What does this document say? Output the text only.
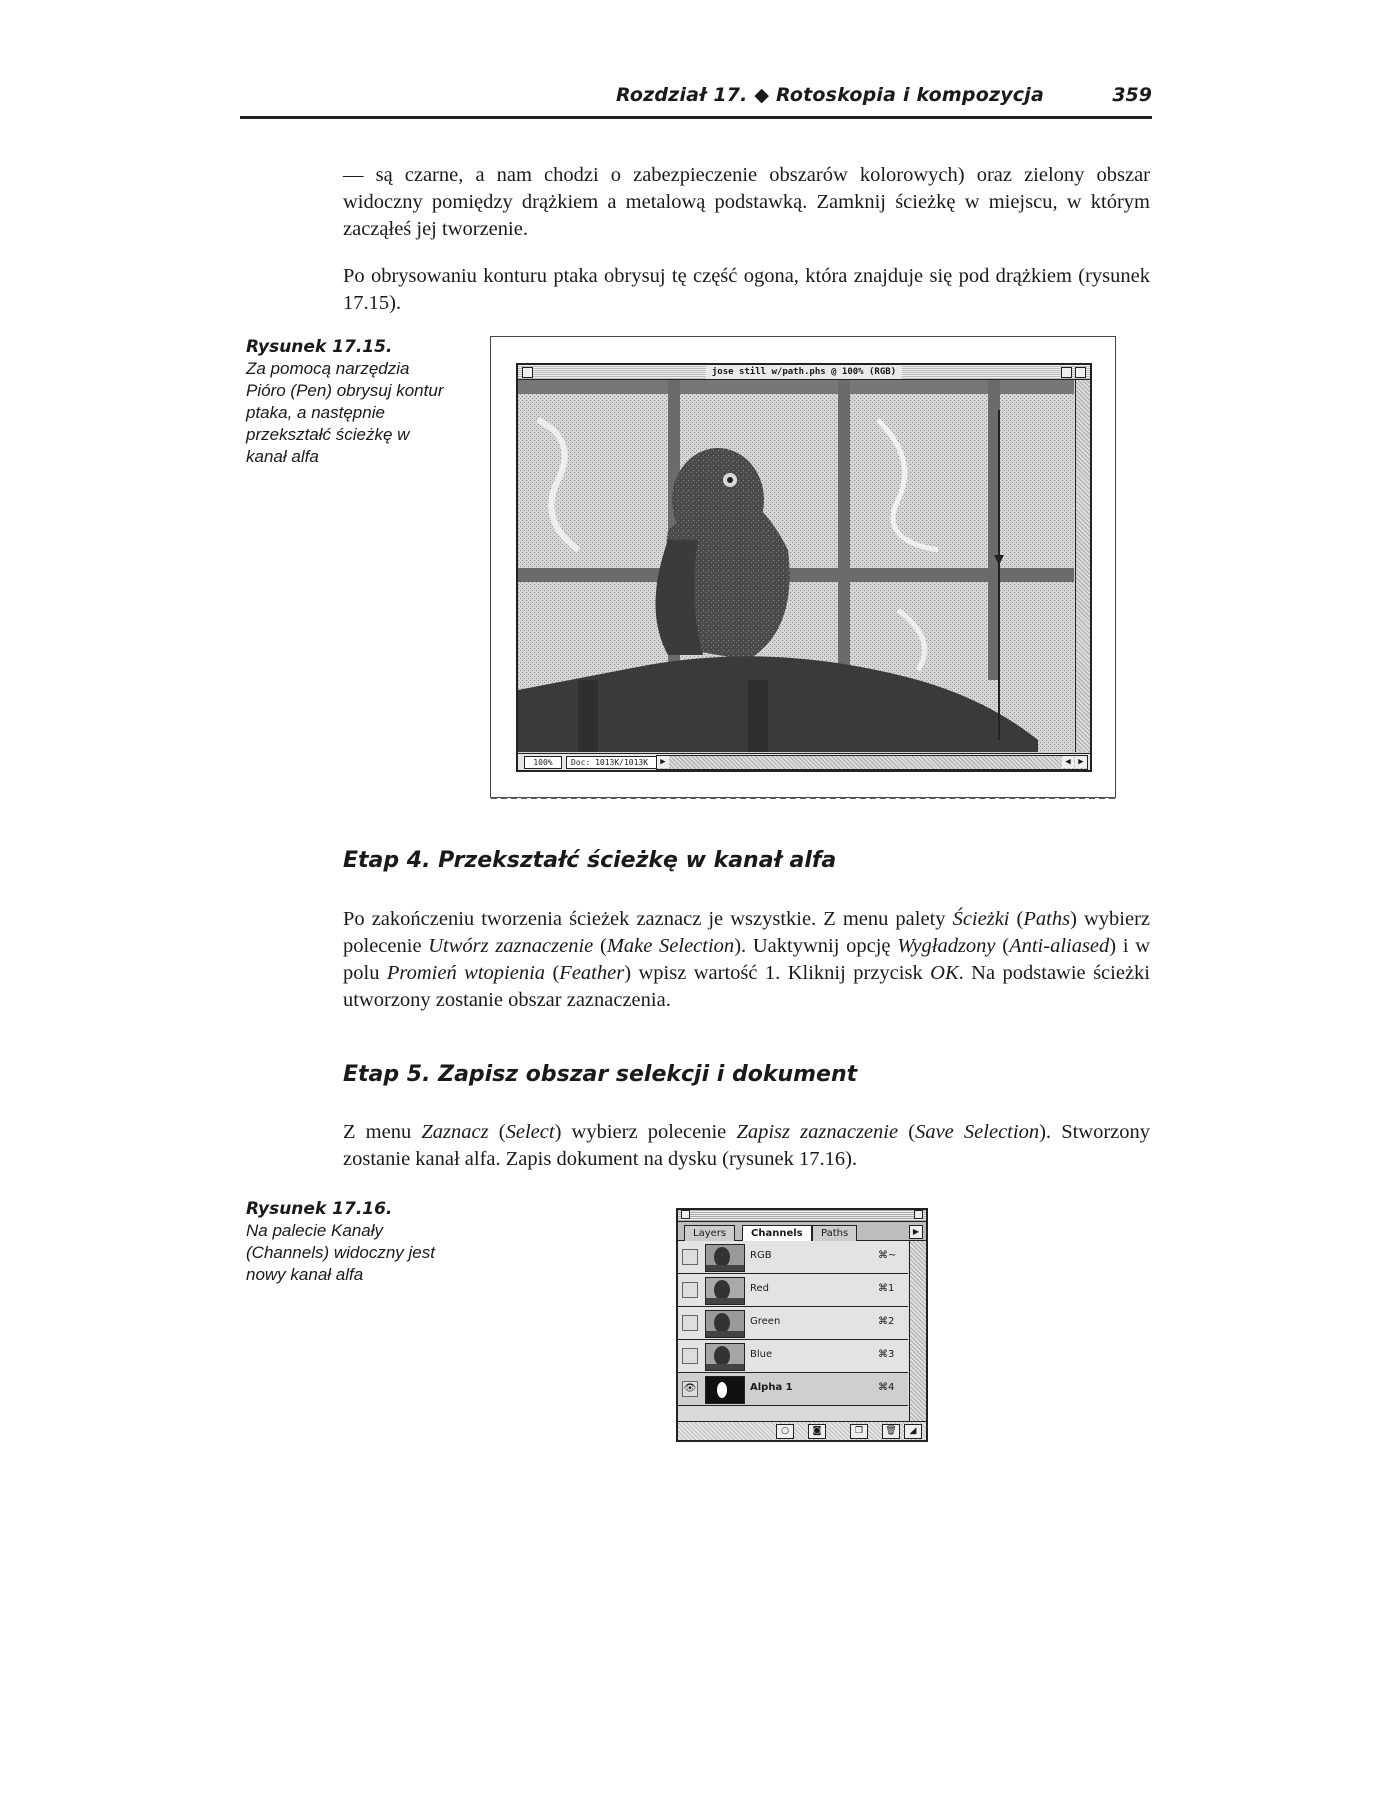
Rozdział 17. ◆ Rotoskopia i kompozycja	359
— są czarne, a nam chodzi o zabezpieczenie obszarów kolorowych) oraz zielony obszar widoczny pomiędzy drążkiem a metalową podstawką. Zamknij ścieżkę w miejscu, w którym zacząłeś jej tworzenie.
Po obrysowaniu konturu ptaka obrysuj tę część ogona, która znajduje się pod drążkiem (rysunek 17.15).
Rysunek 17.15.
Za pomocą narzędzia Pióro (Pen) obrysuj kontur ptaka, a następnie przekształć ścieżkę w kanał alfa
jose still w/path.phs @ 100% (RGB)
100%	Doc: 1013K/1013K	▶	◀ ▶
Etap 4. Przekształć ścieżkę w kanał alfa
Po zakończeniu tworzenia ścieżek zaznacz je wszystkie. Z menu palety Ścieżki (Paths) wybierz polecenie Utwórz zaznaczenie (Make Selection). Uaktywnij opcję Wygładzony (Anti-aliased) i w polu Promień wtopienia (Feather) wpisz wartość 1. Kliknij przycisk OK. Na podstawie ścieżki utworzony zostanie obszar zaznaczenia.
Etap 5. Zapisz obszar selekcji i dokument
Z menu Zaznacz (Select) wybierz polecenie Zapisz zaznaczenie (Save Selection). Stworzony zostanie kanał alfa. Zapis dokument na dysku (rysunek 17.16).
Rysunek 17.16.
Na palecie Kanały (Channels) widoczny jest nowy kanał alfa
Layers	Channels	Paths	▶
RGB	⌘~
Red	⌘1
Green	⌘2
Blue	⌘3
👁	Alpha 1	⌘4
○	◙	❐	🗑	◢
